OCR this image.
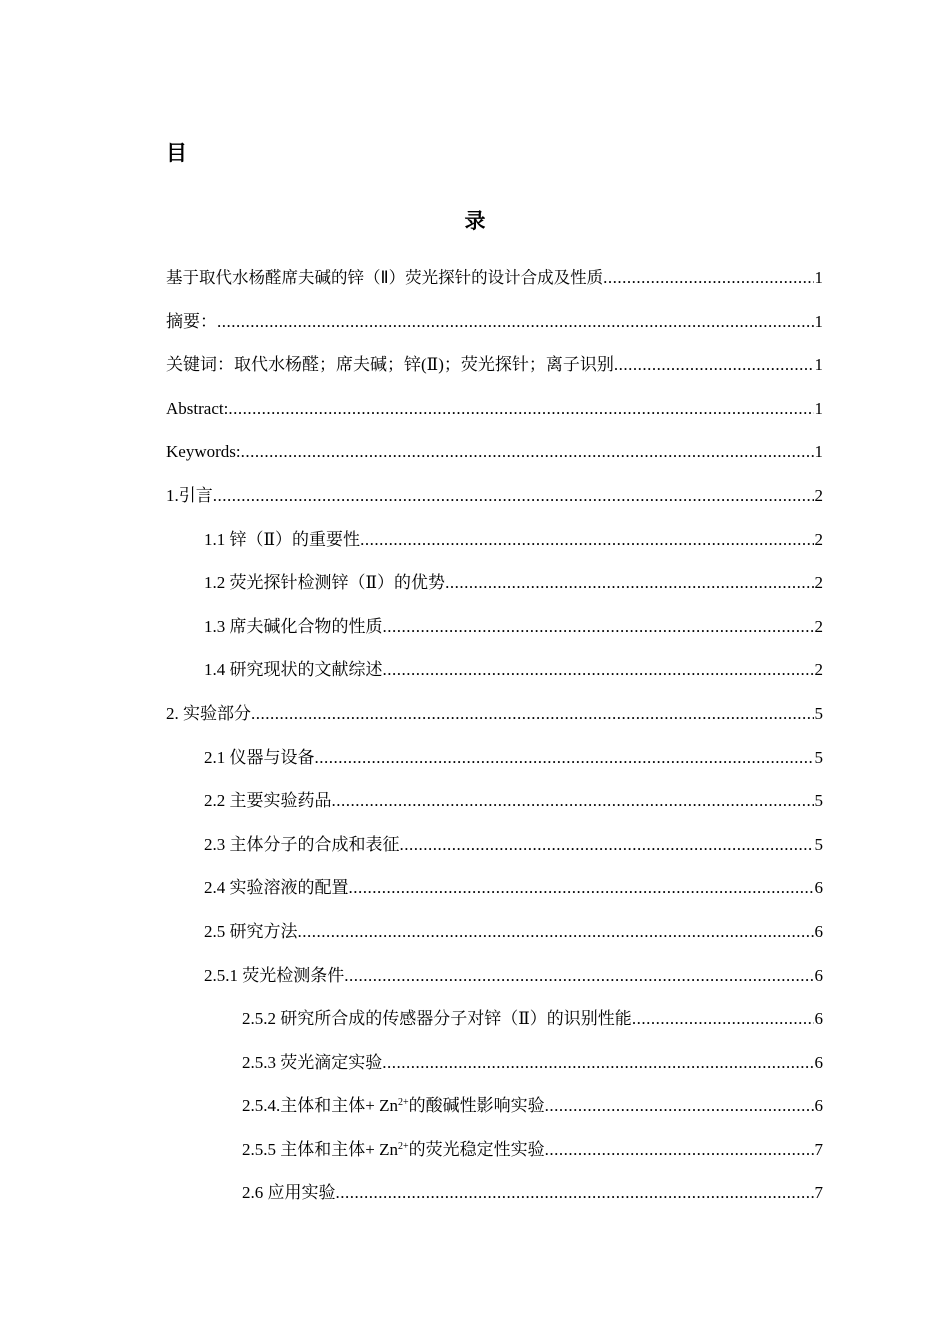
目
录
基于取代水杨醛席夫碱的锌（Ⅱ）荧光探针的设计合成及性质 .....	1
摘要： .....	1
关键词：取代水杨醛；席夫碱；锌(Ⅱ)；荧光探针；离子识别 .....	1
Abstract: .....	1
Keywords: .....	1
1.引言 .....	2
1.1 锌（Ⅱ）的重要性 .....	2
1.2 荧光探针检测锌（Ⅱ）的优势 .....	2
1.3 席夫碱化合物的性质 .....	2
1.4 研究现状的文献综述 .....	2
2. 实验部分 .....	5
2.1 仪器与设备 .....	5
2.2 主要实验药品 .....	5
2.3 主体分子的合成和表征 .....	5
2.4 实验溶液的配置 .....	6
2.5 研究方法 .....	6
2.5.1 荧光检测条件 .....	6
2.5.2 研究所合成的传感器分子对锌（Ⅱ）的识别性能 .....	6
2.5.3 荧光滴定实验 .....	6
2.5.4.主体和主体+ $Zn^{2+}$的酸碱性影响实验 .....	6
2.5.5 主体和主体+ $Zn^{2+}$的荧光稳定性实验 .....	7
2.6 应用实验 .....	7
